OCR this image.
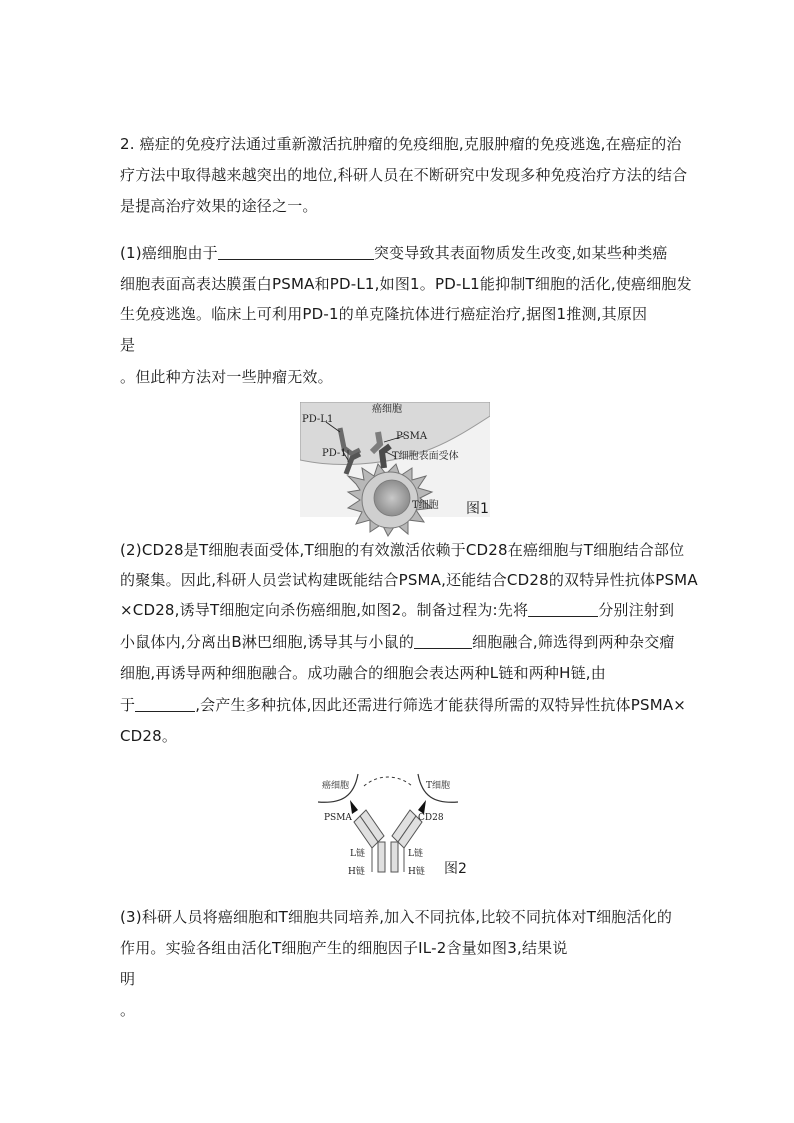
2. 癌症的免疫疗法通过重新激活抗肿瘤的免疫细胞,克服肿瘤的免疫逃逸,在癌症的治
疗方法中取得越来越突出的地位,科研人员在不断研究中发现多种免疫治疗方法的结合
是提高治疗效果的途径之一。
(1)癌细胞由于	突变导致其表面物质发生改变,如某些种类癌
细胞表面高表达膜蛋白PSMA和PD-L1,如图1。PD-L1能抑制T细胞的活化,使癌细胞发
生免疫逃逸。临床上可利用PD-1的单克隆抗体进行癌症治疗,据图1推测,其原因
是
。但此种方法对一些肿瘤无效。
癌细胞
PD-L1
PSMA
T细胞表面受体
PD-1
T细胞 图1
(2)CD28是T细胞表面受体,T细胞的有效激活依赖于CD28在癌细胞与T细胞结合部位
的聚集。因此,科研人员尝试构建既能结合PSMA,还能结合CD28的双特异性抗体PSMA
×CD28,诱导T细胞定向杀伤癌细胞,如图2。制备过程为:先将	分别注射到
小鼠体内,分离出B淋巴细胞,诱导其与小鼠的	细胞融合,筛选得到两种杂交瘤
细胞,再诱导两种细胞融合。成功融合的细胞会表达两种L链和两种H链,由
于	,会产生多种抗体,因此还需进行筛选才能获得所需的双特异性抗体PSMA×
CD28。
癌细胞	T细胞
PSMA	CD28
L链	L链
H链	H链 图2
(3)科研人员将癌细胞和T细胞共同培养,加入不同抗体,比较不同抗体对T细胞活化的
作用。实验各组由活化T细胞产生的细胞因子IL-2含量如图3,结果说
明
。
